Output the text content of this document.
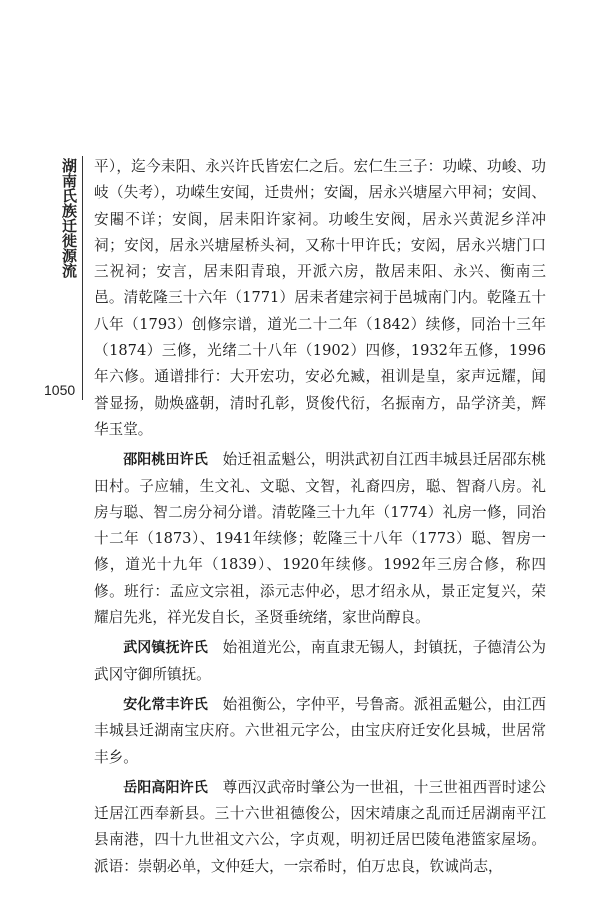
湖南氏族迁徙源流
1050

平），迄今耒阳、永兴许氏皆宏仁之后。宏仁生三子：功嵘、功峻、功岐（失考），功嵘生安闻，迁贵州；安阖，居永兴塘屋六甲祠；安闾、安闀不详；安阆，居耒阳许家祠。功峻生安阀，居永兴黄泥乡洋冲祠；安闵，居永兴塘屋桥头祠，又称十甲许氏；安闳，居永兴塘门口三祝祠；安言，居耒阳青琅，开派六房，散居耒阳、永兴、衡南三邑。清乾隆三十六年（1771）居耒者建宗祠于邑城南门内。乾隆五十八年（1793）创修宗谱，道光二十二年（1842）续修，同治十三年（1874）三修，光绪二十八年（1902）四修，1932年五修，1996年六修。通谱排行：大开宏功，安必允臧，祖训是皇，家声远耀，闻誉显扬，勋焕盛朝，清时孔彰，贤俊代衍，名振南方，品学济美，辉华玉堂。

邵阳桃田许氏  始迁祖孟魁公，明洪武初自江西丰城县迁居邵东桃田村。子应辅，生文礼、文聪、文智，礼裔四房，聪、智裔八房。礼房与聪、智二房分祠分谱。清乾隆三十九年（1774）礼房一修，同治十二年（1873）、1941年续修；乾隆三十八年（1773）聪、智房一修，道光十九年（1839）、1920年续修。1992年三房合修，称四修。班行：孟应文宗祖，添元志仲必，思才绍永从，景正定复兴，荣耀启先兆，祥光发自长，圣贤垂统绪，家世尚醇良。

武冈镇抚许氏  始祖道光公，南直隶无锡人，封镇抚，子德清公为武冈守御所镇抚。

安化常丰许氏  始祖衡公，字仲平，号鲁斋。派祖孟魁公，由江西丰城县迁湖南宝庆府。六世祖元字公，由宝庆府迁安化县城，世居常丰乡。

岳阳高阳许氏  尊西汉武帝时肇公为一世祖，十三世祖西晋时逑公迁居江西奉新县。三十六世祖德俊公，因宋靖康之乱而迁居湖南平江县南港，四十九世祖文六公，字贞观，明初迁居巴陵龟港篮家屋场。派语：崇朝必单，文仲廷大，一宗希时，伯万忠良，钦诚尚志，
